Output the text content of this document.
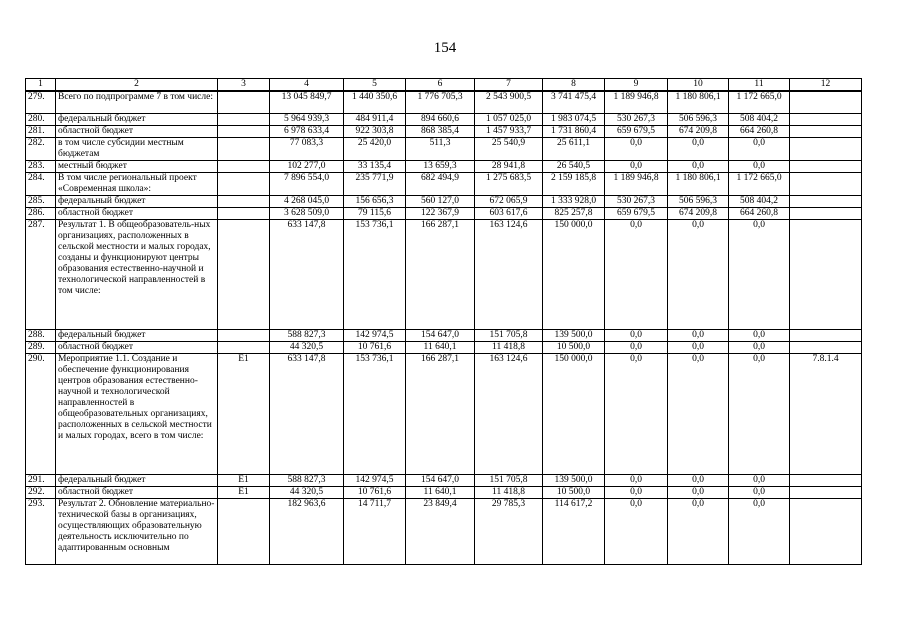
154
1	2	3	4	5	6	7	8	9	10	11	12
279.	Всего по подпрограмме 7 в том числе:		13 045 849,7	1 440 350,6	1 776 705,3	2 543 900,5	3 741 475,4	1 189 946,8	1 180 806,1	1 172 665,0	
280.	федеральный бюджет		5 964 939,3	484 911,4	894 660,6	1 057 025,0	1 983 074,5	530 267,3	506 596,3	508 404,2	
281.	областной бюджет		6 978 633,4	922 303,8	868 385,4	1 457 933,7	1 731 860,4	659 679,5	674 209,8	664 260,8	
282.	в том числе субсидии местным бюджетам		77 083,3	25 420,0	511,3	25 540,9	25 611,1	0,0	0,0	0,0	
283.	местный бюджет		102 277,0	33 135,4	13 659,3	28 941,8	26 540,5	0,0	0,0	0,0	
284.	В том числе региональный проект «Современная школа»:		7 896 554,0	235 771,9	682 494,9	1 275 683,5	2 159 185,8	1 189 946,8	1 180 806,1	1 172 665,0	
285.	федеральный бюджет		4 268 045,0	156 656,3	560 127,0	672 065,9	1 333 928,0	530 267,3	506 596,3	508 404,2	
286.	областной бюджет		3 628 509,0	79 115,6	122 367,9	603 617,6	825 257,8	659 679,5	674 209,8	664 260,8	
287.	Результат 1. В общеобразователь-ных организациях, расположенных в сельской местности и малых городах, созданы и функционируют центры образования естественно-научной и технологической направленностей в том числе:		633 147,8	153 736,1	166 287,1	163 124,6	150 000,0	0,0	0,0	0,0	
288.	федеральный бюджет		588 827,3	142 974,5	154 647,0	151 705,8	139 500,0	0,0	0,0	0,0	
289.	областной бюджет		44 320,5	10 761,6	11 640,1	11 418,8	10 500,0	0,0	0,0	0,0	
290.	Мероприятие 1.1. Создание и обеспечение функционирования центров образования естественно-научной и технологической направленностей в общеобразовательных организациях, расположенных в сельской местности и малых городах, всего в том числе:	E1	633 147,8	153 736,1	166 287,1	163 124,6	150 000,0	0,0	0,0	0,0	7.8.1.4
291.	федеральный бюджет	E1	588 827,3	142 974,5	154 647,0	151 705,8	139 500,0	0,0	0,0	0,0	
292.	областной бюджет	E1	44 320,5	10 761,6	11 640,1	11 418,8	10 500,0	0,0	0,0	0,0	
293.	Результат 2. Обновление материально-технической базы в организациях, осуществляющих образовательную деятельность исключительно по адаптированным основным		182 963,6	14 711,7	23 849,4	29 785,3	114 617,2	0,0	0,0	0,0	
